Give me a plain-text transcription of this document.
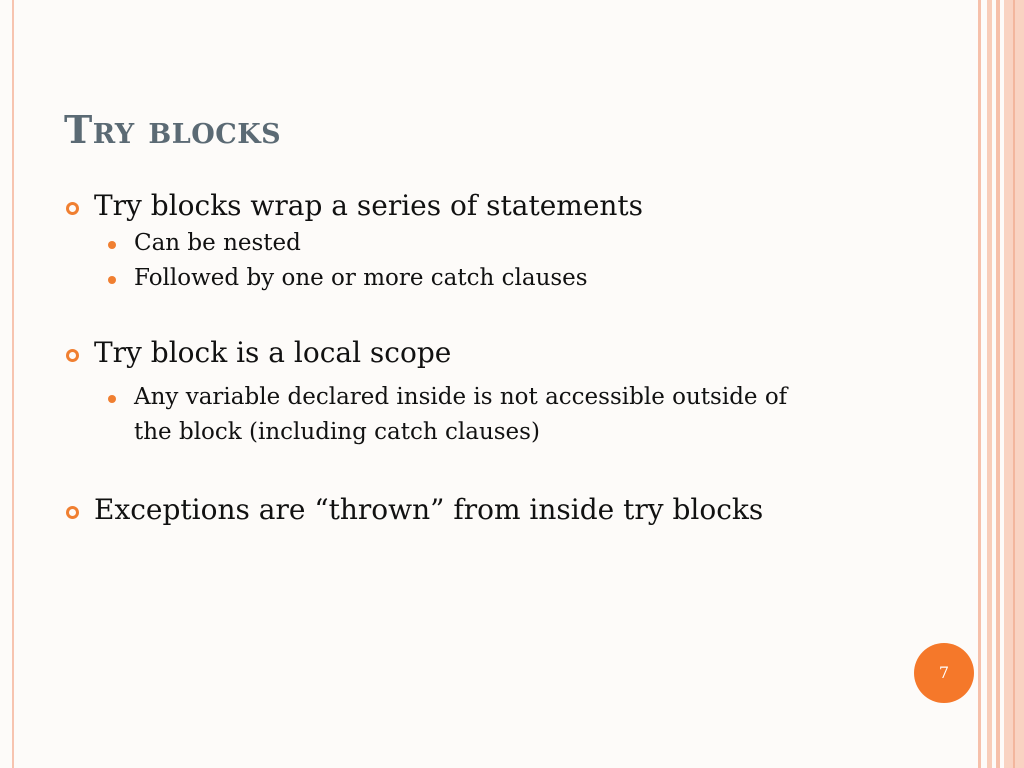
Try blocks
Try blocks wrap a series of statements
Can be nested
Followed by one or more catch clauses
Try block is a local scope
Any variable declared inside is not accessible outside of the block (including catch clauses)
Exceptions are “thrown” from inside try blocks
7
